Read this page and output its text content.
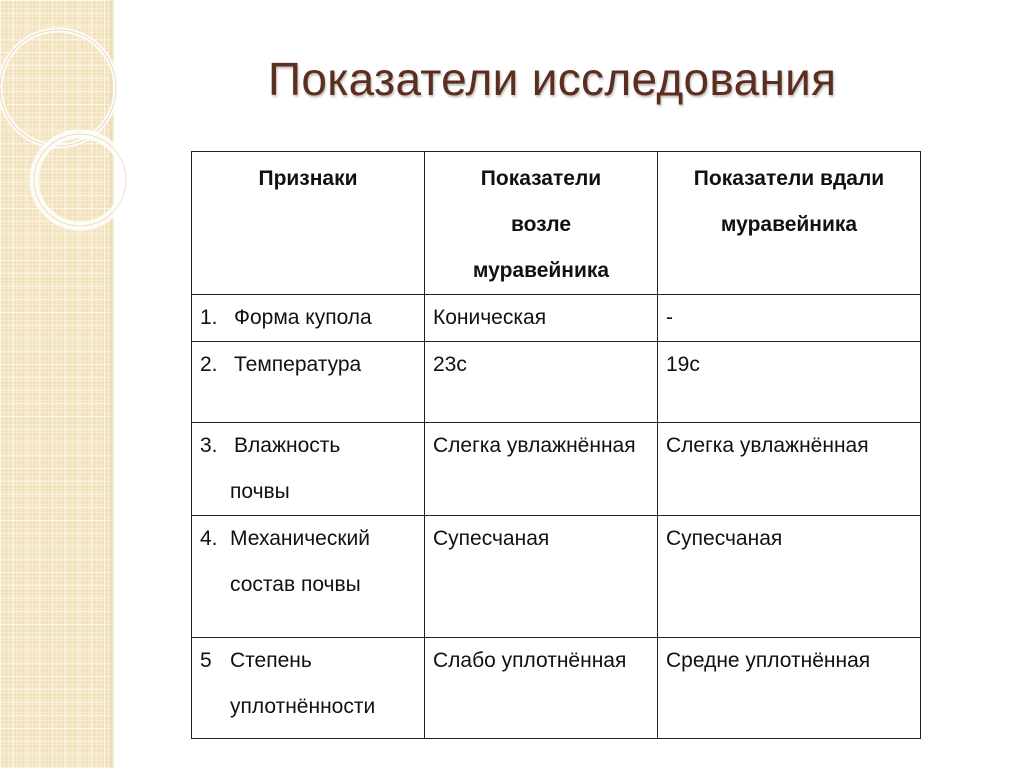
Показатели исследования
Признаки	Показатели возле муравейника	Показатели вдали муравейника
1. Форма купола	Коническая	-
2. Температура	23с	19с
3. Влажность
почвы	Слегка увлажнённая	Слегка увлажнённая
4. Механический
состав почвы	Супесчаная	Супесчаная
5 Степень
уплотнённости	Слабо уплотнённая	Средне уплотнённая
